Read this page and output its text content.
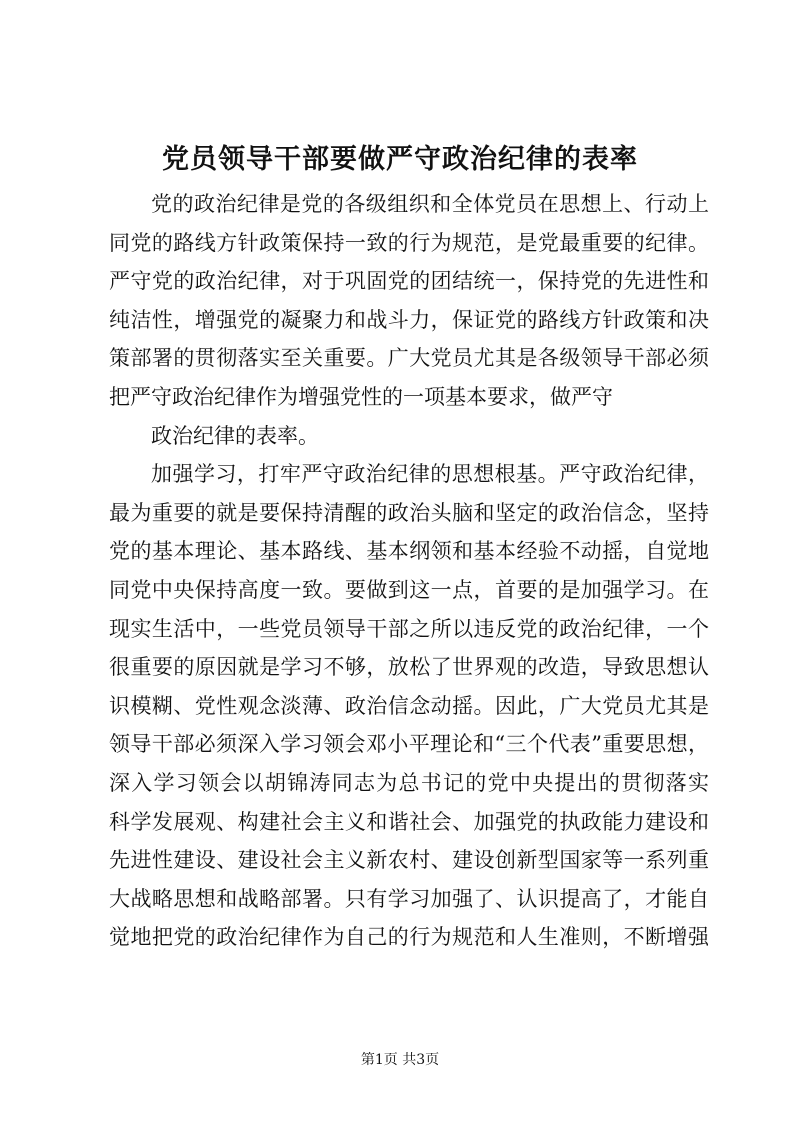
党员领导干部要做严守政治纪律的表率
党的政治纪律是党的各级组织和全体党员在思想上、行动上
同党的路线方针政策保持一致的行为规范，是党最重要的纪律。
严守党的政治纪律，对于巩固党的团结统一，保持党的先进性和
纯洁性，增强党的凝聚力和战斗力，保证党的路线方针政策和决
策部署的贯彻落实至关重要。广大党员尤其是各级领导干部必须
把严守政治纪律作为增强党性的一项基本要求，做严守
政治纪律的表率。
加强学习，打牢严守政治纪律的思想根基。严守政治纪律，
最为重要的就是要保持清醒的政治头脑和坚定的政治信念，坚持
党的基本理论、基本路线、基本纲领和基本经验不动摇，自觉地
同党中央保持高度一致。要做到这一点，首要的是加强学习。在
现实生活中，一些党员领导干部之所以违反党的政治纪律，一个
很重要的原因就是学习不够，放松了世界观的改造，导致思想认
识模糊、党性观念淡薄、政治信念动摇。因此，广大党员尤其是
领导干部必须深入学习领会邓小平理论和“三个代表”重要思想，
深入学习领会以胡锦涛同志为总书记的党中央提出的贯彻落实
科学发展观、构建社会主义和谐社会、加强党的执政能力建设和
先进性建设、建设社会主义新农村、建设创新型国家等一系列重
大战略思想和战略部署。只有学习加强了、认识提高了，才能自
觉地把党的政治纪律作为自己的行为规范和人生准则，不断增强
第1页 共3页
